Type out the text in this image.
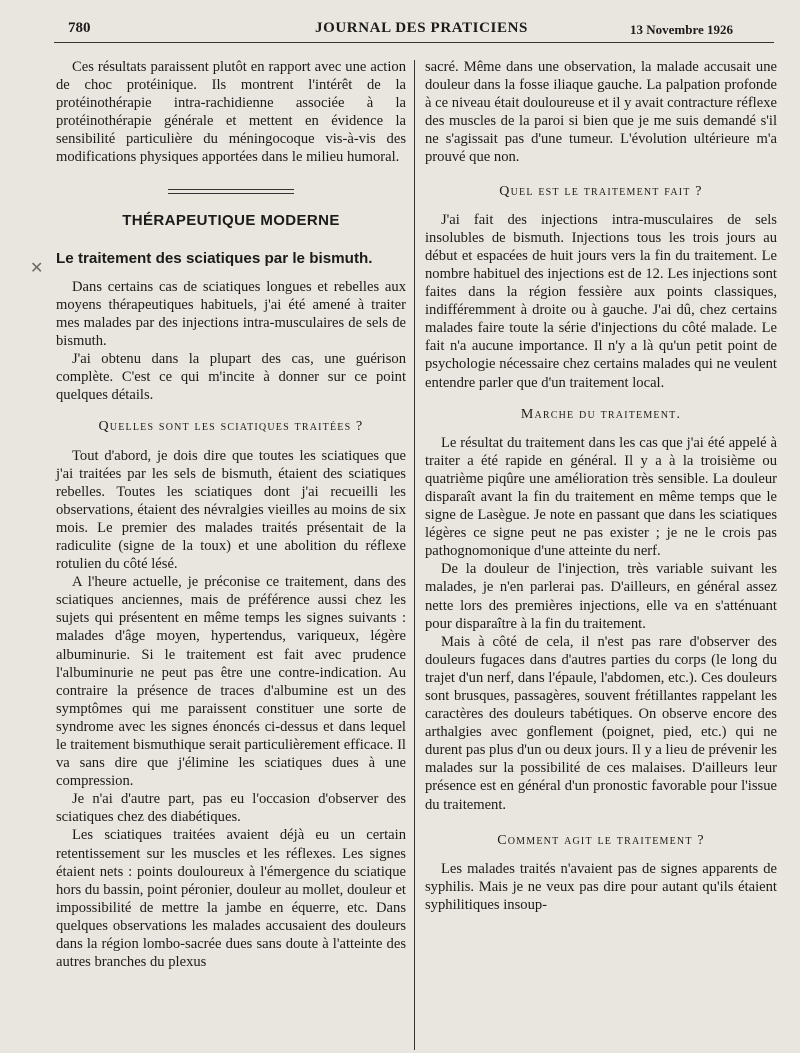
780	JOURNAL DES PRATICIENS	13 Novembre 1926
✕

Ces résultats paraissent plutôt en rapport avec une action de choc protéinique. Ils montrent l'intérêt de la protéinothérapie intra-rachidienne associée à la protéinothérapie générale et mettent en évidence la sensibilité particulière du méningocoque vis-à-vis des modifications physiques apportées dans le milieu humoral.

THÉRAPEUTIQUE MODERNE
Le traitement des sciatiques par le bismuth.

Dans certains cas de sciatiques longues et rebelles aux moyens thérapeutiques habituels, j'ai été amené à traiter mes malades par des injections intra-musculaires de sels de bismuth.

J'ai obtenu dans la plupart des cas, une guérison complète. C'est ce qui m'incite à donner sur ce point quelques détails.

Quelles sont les sciatiques traitées ?

Tout d'abord, je dois dire que toutes les sciatiques que j'ai traitées par les sels de bismuth, étaient des sciatiques rebelles. Toutes les sciatiques dont j'ai recueilli les observations, étaient des névralgies vieilles au moins de six mois. Le premier des malades traités présentait de la radiculite (signe de la toux) et une abolition du réflexe rotulien du côté lésé.

A l'heure actuelle, je préconise ce traitement, dans des sciatiques anciennes, mais de préférence aussi chez les sujets qui présentent en même temps les signes suivants : malades d'âge moyen, hypertendus, variqueux, légère albuminurie. Si le traitement est fait avec prudence l'albuminurie ne peut pas être une contre-indication. Au contraire la présence de traces d'albumine est un des symptômes qui me paraissent constituer une sorte de syndrome avec les signes énoncés ci-dessus et dans lequel le traitement bismuthique serait particulièrement efficace. Il va sans dire que j'élimine les sciatiques dues à une compression.

Je n'ai d'autre part, pas eu l'occasion d'observer des sciatiques chez des diabétiques.

Les sciatiques traitées avaient déjà eu un certain retentissement sur les muscles et les réflexes. Les signes étaient nets : points douloureux à l'émergence du sciatique hors du bassin, point péronier, douleur au mollet, douleur et impossibilité de mettre la jambe en équerre, etc. Dans quelques observations les malades accusaient des douleurs dans la région lombo-sacrée dues sans doute à l'atteinte des autres branches du plexus

sacré. Même dans une observation, la malade accusait une douleur dans la fosse iliaque gauche. La palpation profonde à ce niveau était douloureuse et il y avait contracture réflexe des muscles de la paroi si bien que je me suis demandé s'il ne s'agissait pas d'une tumeur. L'évolution ultérieure m'a prouvé que non.

Quel est le traitement fait ?

J'ai fait des injections intra-musculaires de sels insolubles de bismuth. Injections tous les trois jours au début et espacées de huit jours vers la fin du traitement. Le nombre habituel des injections est de 12. Les injections sont faites dans la région fessière aux points classiques, indifféremment à droite ou à gauche. J'ai dû, chez certains malades faire toute la série d'injections du côté malade. Le fait n'a aucune importance. Il n'y a là qu'un petit point de psychologie nécessaire chez certains malades qui ne veulent entendre parler que d'un traitement local.

Marche du traitement.

Le résultat du traitement dans les cas que j'ai été appelé à traiter a été rapide en général. Il y a à la troisième ou quatrième piqûre une amélioration très sensible. La douleur disparaît avant la fin du traitement en même temps que le signe de Lasègue. Je note en passant que dans les sciatiques légères ce signe peut ne pas exister ; je ne le crois pas pathognomonique d'une atteinte du nerf.

De la douleur de l'injection, très variable suivant les malades, je n'en parlerai pas. D'ailleurs, en général assez nette lors des premières injections, elle va en s'atténuant pour disparaître à la fin du traitement.

Mais à côté de cela, il n'est pas rare d'observer des douleurs fugaces dans d'autres parties du corps (le long du trajet d'un nerf, dans l'épaule, l'abdomen, etc.). Ces douleurs sont brusques, passagères, souvent frétillantes rappelant les caractères des douleurs tabétiques. On observe encore des arthalgies avec gonflement (poignet, pied, etc.) qui ne durent pas plus d'un ou deux jours. Il y a lieu de prévenir les malades sur la possibilité de ces malaises. D'ailleurs leur présence est en général d'un pronostic favorable pour l'issue du traitement.

Comment agit le traitement ?

Les malades traités n'avaient pas de signes apparents de syphilis. Mais je ne veux pas dire pour autant qu'ils étaient syphilitiques insoup-
